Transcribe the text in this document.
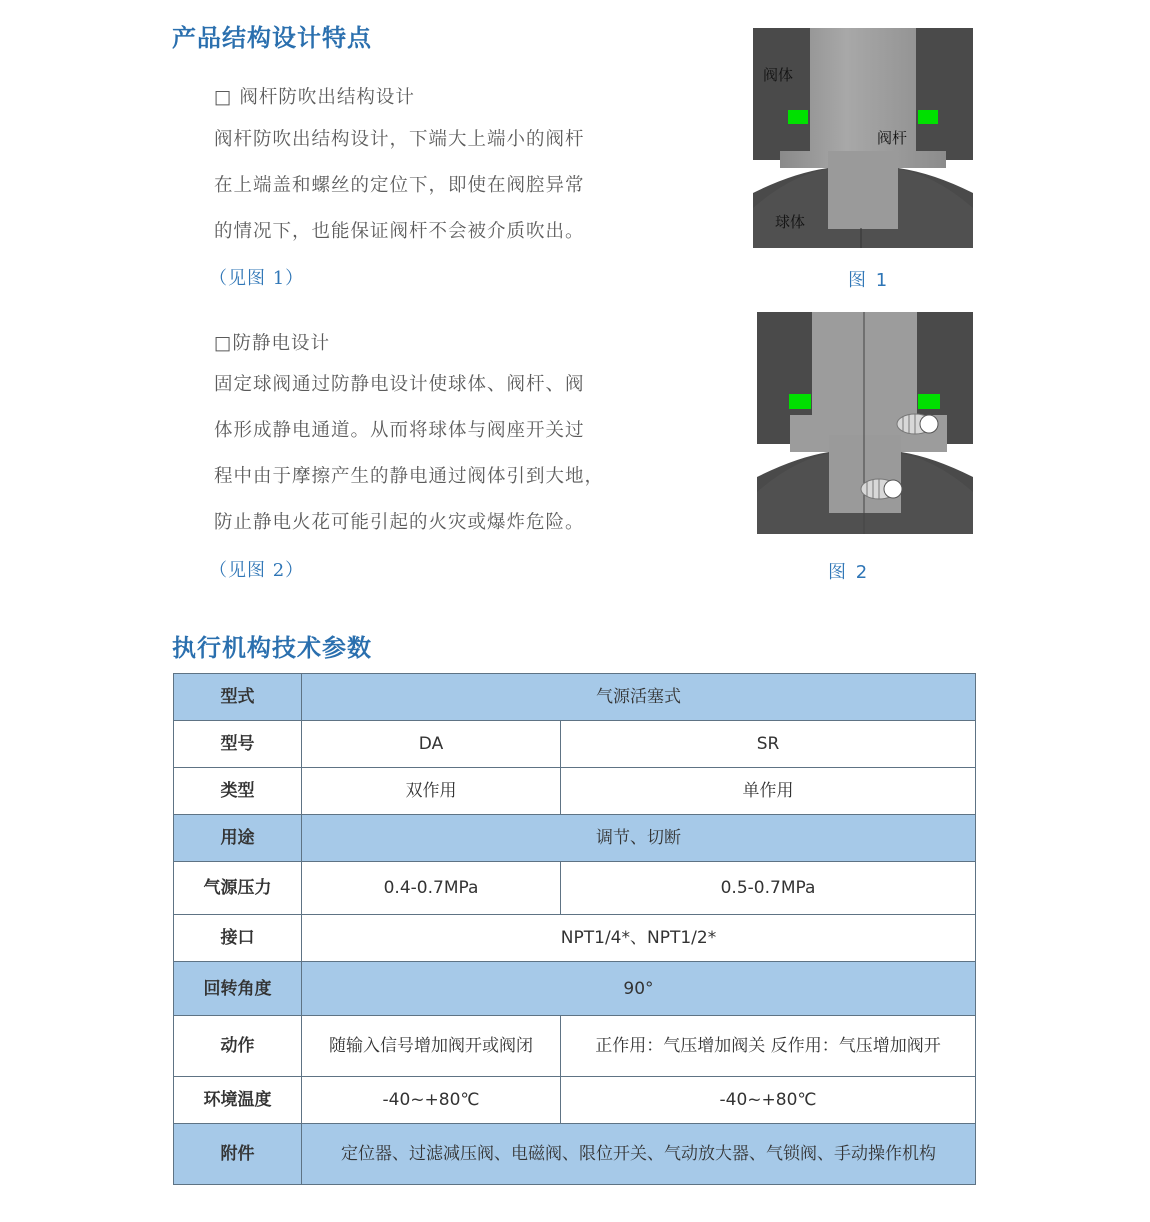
产品结构设计特点
□ 阀杆防吹出结构设计
阀杆防吹出结构设计，下端大上端小的阀杆
在上端盖和螺丝的定位下，即使在阀腔异常
的情况下，也能保证阀杆不会被介质吹出。
（见图 1）
阀体
阀杆
球体
图 1
□防静电设计
固定球阀通过防静电设计使球体、阀杆、阀
体形成静电通道。从而将球体与阀座开关过
程中由于摩擦产生的静电通过阀体引到大地，
防止静电火花可能引起的火灾或爆炸危险。
（见图 2）	图 2
执行机构技术参数
型式	气源活塞式	
型号	DA	SR
类型	双作用	单作用
用途	调节、切断	
气源压力	0.4-0.7MPa	0.5-0.7MPa
接口	NPT1/4*、NPT1/2*	
回转角度	90°	
动作	随输入信号增加阀开或阀闭	正作用：气压增加阀关 反作用：气压增加阀开
环境温度	-40~+80℃	-40~+80℃
附件	定位器、过滤减压阀、电磁阀、限位开关、气动放大器、气锁阀、手动操作机构	
